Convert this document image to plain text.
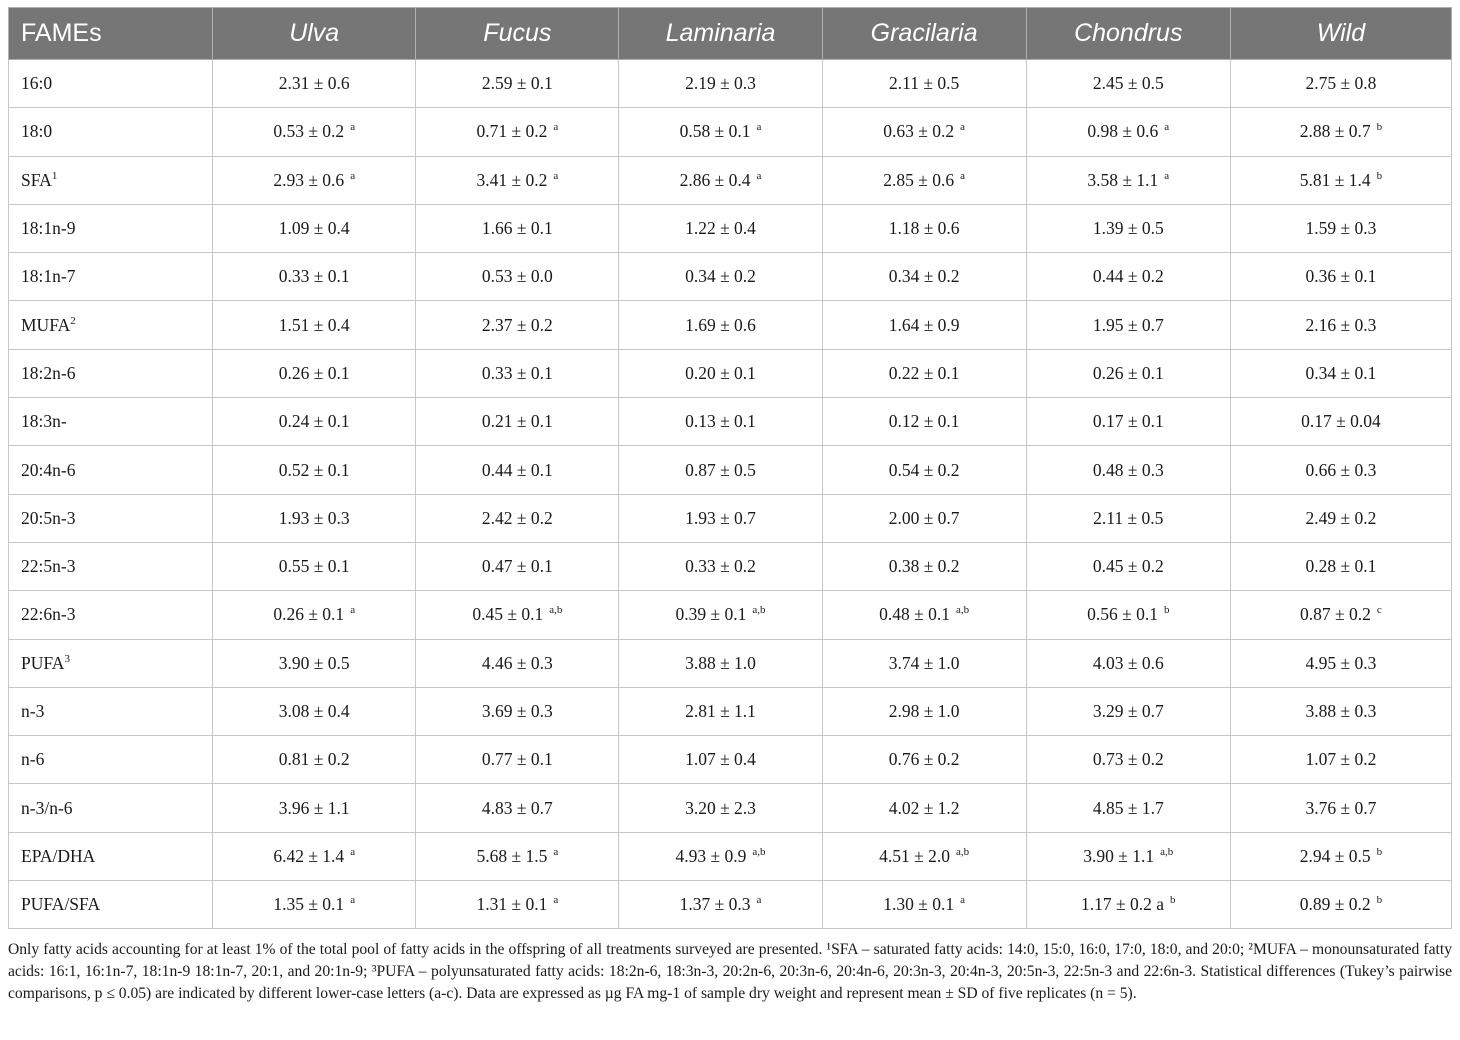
FAMEs	Ulva	Fucus	Laminaria	Gracilaria	Chondrus	Wild
16:0	2.31 ± 0.6	2.59 ± 0.1	2.19 ± 0.3	2.11 ± 0.5	2.45 ± 0.5	2.75 ± 0.8
18:0	0.53 ± 0.2 $^a$	0.71 ± 0.2 $^a$	0.58 ± 0.1 $^a$	0.63 ± 0.2 $^a$	0.98 ± 0.6 $^a$	2.88 ± 0.7 $^b$
SFA$^1$	2.93 ± 0.6 $^a$	3.41 ± 0.2 $^a$	2.86 ± 0.4 $^a$	2.85 ± 0.6 $^a$	3.58 ± 1.1 $^a$	5.81 ± 1.4 $^b$
18:1n-9	1.09 ± 0.4	1.66 ± 0.1	1.22 ± 0.4	1.18 ± 0.6	1.39 ± 0.5	1.59 ± 0.3
18:1n-7	0.33 ± 0.1	0.53 ± 0.0	0.34 ± 0.2	0.34 ± 0.2	0.44 ± 0.2	0.36 ± 0.1
MUFA$^2$	1.51 ± 0.4	2.37 ± 0.2	1.69 ± 0.6	1.64 ± 0.9	1.95 ± 0.7	2.16 ± 0.3
18:2n-6	0.26 ± 0.1	0.33 ± 0.1	0.20 ± 0.1	0.22 ± 0.1	0.26 ± 0.1	0.34 ± 0.1
18:3n-	0.24 ± 0.1	0.21 ± 0.1	0.13 ± 0.1	0.12 ± 0.1	0.17 ± 0.1	0.17 ± 0.04
20:4n-6	0.52 ± 0.1	0.44 ± 0.1	0.87 ± 0.5	0.54 ± 0.2	0.48 ± 0.3	0.66 ± 0.3
20:5n-3	1.93 ± 0.3	2.42 ± 0.2	1.93 ± 0.7	2.00 ± 0.7	2.11 ± 0.5	2.49 ± 0.2
22:5n-3	0.55 ± 0.1	0.47 ± 0.1	0.33 ± 0.2	0.38 ± 0.2	0.45 ± 0.2	0.28 ± 0.1
22:6n-3	0.26 ± 0.1 $^a$	0.45 ± 0.1 $^{a,b}$	0.39 ± 0.1 $^{a,b}$	0.48 ± 0.1 $^{a,b}$	0.56 ± 0.1 $^b$	0.87 ± 0.2 $^c$
PUFA$^3$	3.90 ± 0.5	4.46 ± 0.3	3.88 ± 1.0	3.74 ± 1.0	4.03 ± 0.6	4.95 ± 0.3
n-3	3.08 ± 0.4	3.69 ± 0.3	2.81 ± 1.1	2.98 ± 1.0	3.29 ± 0.7	3.88 ± 0.3
n-6	0.81 ± 0.2	0.77 ± 0.1	1.07 ± 0.4	0.76 ± 0.2	0.73 ± 0.2	1.07 ± 0.2
n-3/n-6	3.96 ± 1.1	4.83 ± 0.7	3.20 ± 2.3	4.02 ± 1.2	4.85 ± 1.7	3.76 ± 0.7
EPA/DHA	6.42 ± 1.4 $^a$	5.68 ± 1.5 $^a$	4.93 ± 0.9 $^{a,b}$	4.51 ± 2.0 $^{a,b}$	3.90 ± 1.1 $^{a,b}$	2.94 ± 0.5 $^b$
PUFA/SFA	1.35 ± 0.1 $^a$	1.31 ± 0.1 $^a$	1.37 ± 0.3 $^a$	1.30 ± 0.1 $^a$	1.17 ± 0.2 a $^b$	0.89 ± 0.2 $^b$

Only fatty acids accounting for at least 1% of the total pool of fatty acids in the offspring of all treatments surveyed are presented. ¹SFA – saturated fatty acids: 14:0, 15:0, 16:0, 17:0, 18:0, and 20:0; ²MUFA – monounsaturated fatty acids: 16:1, 16:1n-7, 18:1n-9 18:1n-7, 20:1, and 20:1n-9; ³PUFA – polyunsaturated fatty acids: 18:2n-6, 18:3n-3, 20:2n-6, 20:3n-6, 20:4n-6, 20:3n-3, 20:4n-3, 20:5n-3, 22:5n-3 and 22:6n-3. Statistical differences (Tukey’s pairwise comparisons, p ≤ 0.05) are indicated by different lower-case letters (a-c). Data are expressed as µg FA mg-1 of sample dry weight and represent mean ± SD of five replicates (n = 5).
